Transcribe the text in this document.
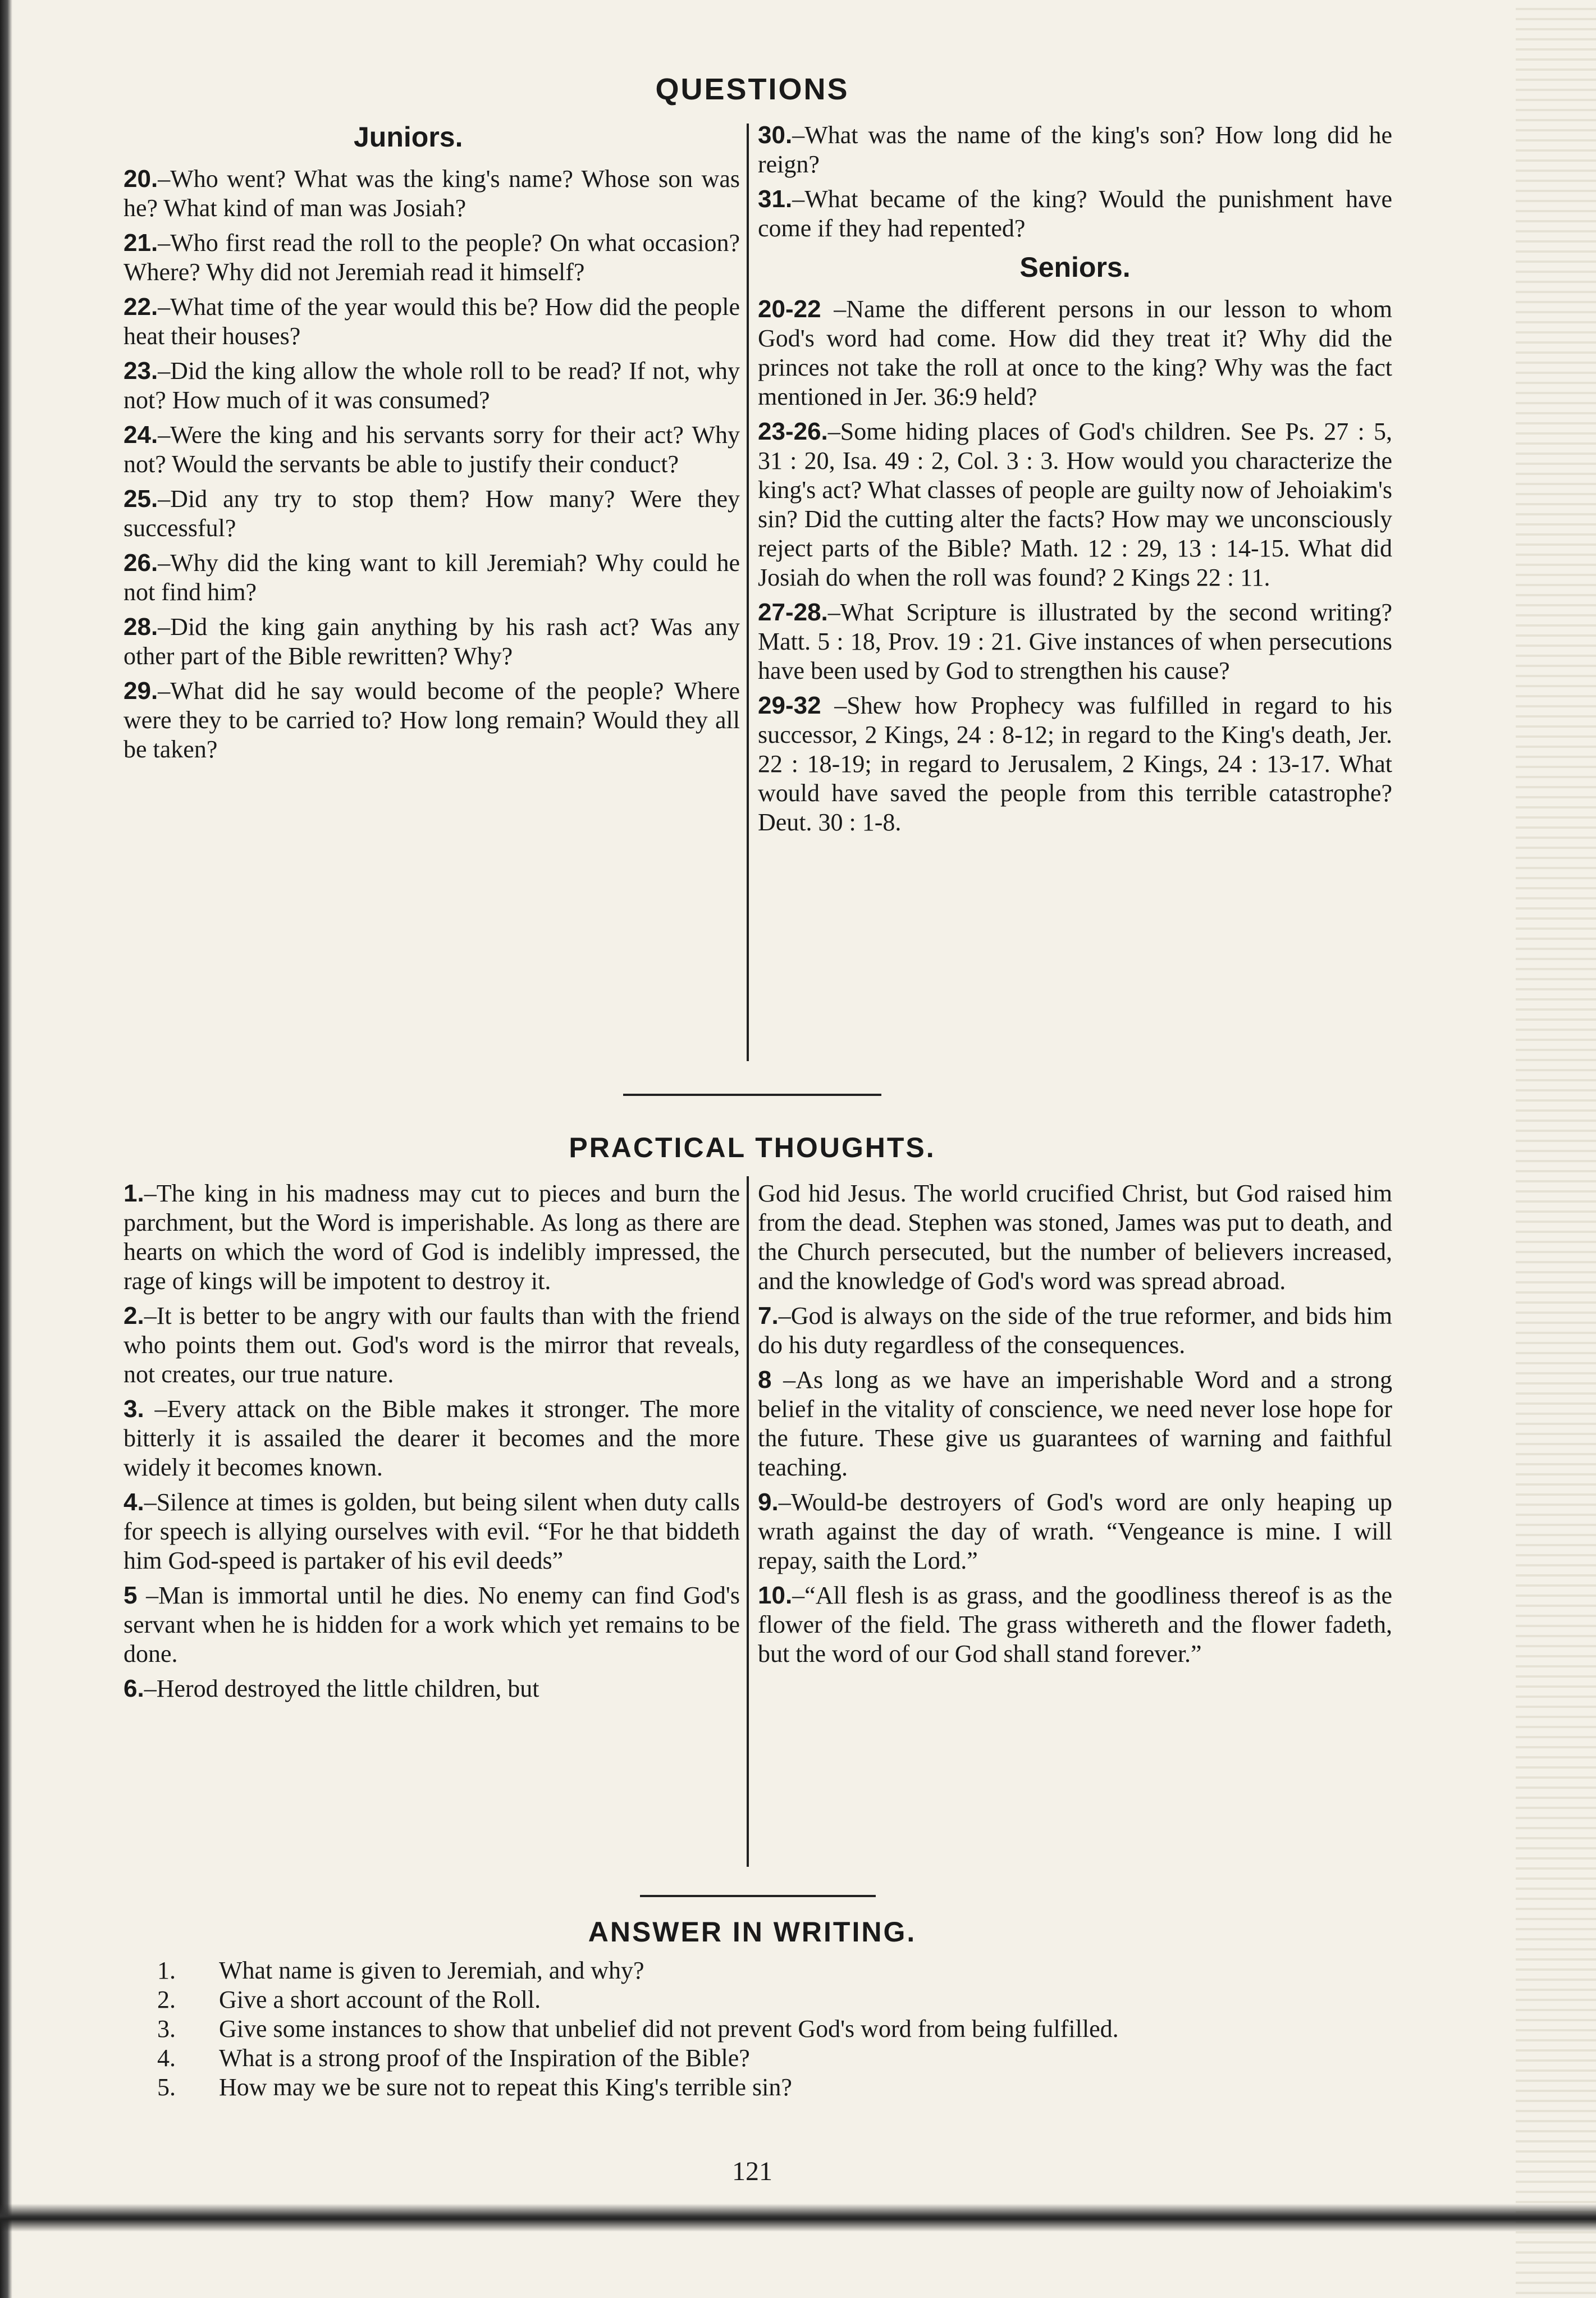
QUESTIONS
Juniors.

20.–Who went? What was the king's name? Whose son was he? What kind of man was Josiah?

21.–Who first read the roll to the people? On what occasion? Where? Why did not Jeremiah read it himself?

22.–What time of the year would this be? How did the people heat their houses?

23.–Did the king allow the whole roll to be read? If not, why not? How much of it was consumed?

24.–Were the king and his servants sorry for their act? Why not? Would the servants be able to justify their conduct?

25.–Did any try to stop them? How many? Were they successful?

26.–Why did the king want to kill Jeremiah? Why could he not find him?

28.–Did the king gain anything by his rash act? Was any other part of the Bible rewritten? Why?

29.–What did he say would become of the people? Where were they to be carried to? How long remain? Would they all be taken?

30.–What was the name of the king's son? How long did he reign?

31.–What became of the king? Would the punishment have come if they had repented?

Seniors.

20-22 –Name the different persons in our lesson to whom God's word had come. How did they treat it? Why did the princes not take the roll at once to the king? Why was the fact mentioned in Jer. 36:9 held?

23-26.–Some hiding places of God's children. See Ps. 27 : 5, 31 : 20, Isa. 49 : 2, Col. 3 : 3. How would you characterize the king's act? What classes of people are guilty now of Jehoiakim's sin? Did the cutting alter the facts? How may we unconsciously reject parts of the Bible? Math. 12 : 29, 13 : 14-15. What did Josiah do when the roll was found? 2 Kings 22 : 11.

27-28.–What Scripture is illustrated by the second writing? Matt. 5 : 18, Prov. 19 : 21. Give instances of when persecutions have been used by God to strengthen his cause?

29-32 –Shew how Prophecy was fulfilled in regard to his successor, 2 Kings, 24 : 8-12; in regard to the King's death, Jer. 22 : 18-19; in regard to Jerusalem, 2 Kings, 24 : 13-17. What would have saved the people from this terrible catastrophe? Deut. 30 : 1-8.

PRACTICAL THOUGHTS.

1.–The king in his madness may cut to pieces and burn the parchment, but the Word is imperishable. As long as there are hearts on which the word of God is indelibly impressed, the rage of kings will be impotent to destroy it.

2.–It is better to be angry with our faults than with the friend who points them out. God's word is the mirror that reveals, not creates, our true nature.

3. –Every attack on the Bible makes it stronger. The more bitterly it is assailed the dearer it becomes and the more widely it becomes known.

4.–Silence at times is golden, but being silent when duty calls for speech is allying ourselves with evil. “For he that biddeth him God-speed is partaker of his evil deeds”

5 –Man is immortal until he dies. No enemy can find God's servant when he is hidden for a work which yet remains to be done.

6.–Herod destroyed the little children, but

God hid Jesus. The world crucified Christ, but God raised him from the dead. Stephen was stoned, James was put to death, and the Church persecuted, but the number of believers increased, and the knowledge of God's word was spread abroad.

7.–God is always on the side of the true reformer, and bids him do his duty regardless of the consequences.

8 –As long as we have an imperishable Word and a strong belief in the vitality of conscience, we need never lose hope for the future. These give us guarantees of warning and faithful teaching.

9.–Would-be destroyers of God's word are only heaping up wrath against the day of wrath. “Vengeance is mine. I will repay, saith the Lord.”

10.–“All flesh is as grass, and the goodliness thereof is as the flower of the field. The grass withereth and the flower fadeth, but the word of our God shall stand forever.”

ANSWER IN WRITING.
1.	What name is given to Jeremiah, and why?
2.	Give a short account of the Roll.
3.	Give some instances to show that unbelief did not prevent God's word from being fulfilled.
4.	What is a strong proof of the Inspiration of the Bible?
5.	How may we be sure not to repeat this King's terrible sin?
121
